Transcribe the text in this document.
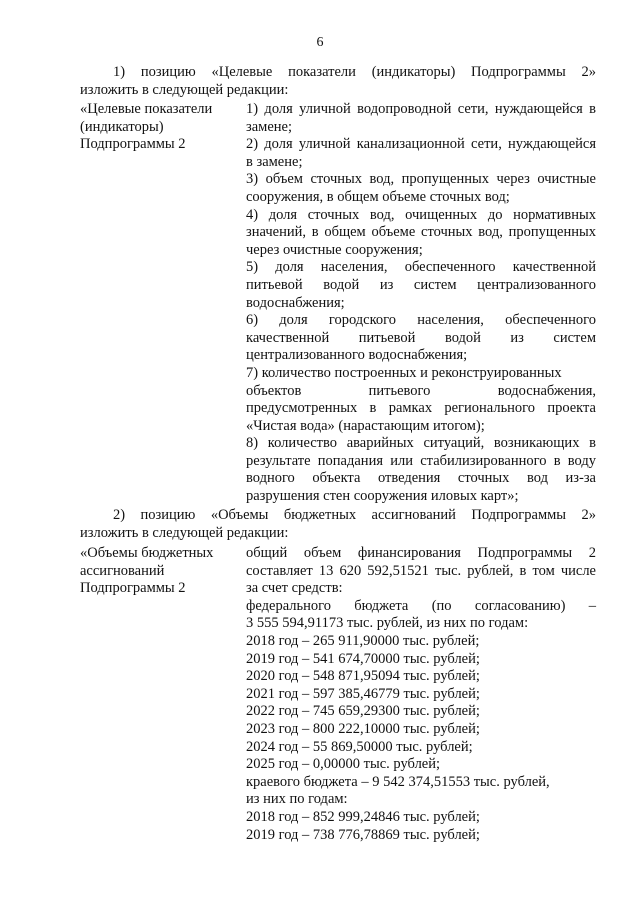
6
1) позицию «Целевые показатели (индикаторы) Подпрограммы 2»
изложить в следующей редакции:
«Целевые показатели
(индикаторы)
Подпрограммы 2
1) доля уличной водопроводной сети, нуждающейся в
замене;
2) доля уличной канализационной сети, нуждающейся
в замене;
3) объем сточных вод, пропущенных через очистные
сооружения, в общем объеме сточных вод;
4) доля сточных вод, очищенных до нормативных
значений, в общем объеме сточных вод, пропущенных
через очистные сооружения;
5) доля населения, обеспеченного качественной
питьевой водой из систем централизованного
водоснабжения;
6) доля городского населения, обеспеченного
качественной питьевой водой из систем
централизованного водоснабжения;
7) количество построенных и реконструированных
объектов питьевого водоснабжения,
предусмотренных в рамках регионального проекта
«Чистая вода» (нарастающим итогом);
8) количество аварийных ситуаций, возникающих в
результате попадания или стабилизированного в воду
водного объекта отведения сточных вод из-за
разрушения стен сооружения иловых карт»;
2) позицию «Объемы бюджетных ассигнований Подпрограммы 2»
изложить в следующей редакции:
«Объемы бюджетных
ассигнований
Подпрограммы 2
общий объем финансирования Подпрограммы 2
составляет 13 620 592,51521 тыс. рублей, в том числе
за счет средств:
федерального бюджета (по согласованию) –
3 555 594,91173 тыс. рублей, из них по годам:
2018 год – 265 911,90000 тыс. рублей;
2019 год – 541 674,70000 тыс. рублей;
2020 год – 548 871,95094 тыс. рублей;
2021 год – 597 385,46779 тыс. рублей;
2022 год – 745 659,29300 тыс. рублей;
2023 год – 800 222,10000 тыс. рублей;
2024 год – 55 869,50000 тыс. рублей;
2025 год – 0,00000 тыс. рублей;
краевого бюджета – 9 542 374,51553 тыс. рублей,
из них по годам:
2018 год – 852 999,24846 тыс. рублей;
2019 год – 738 776,78869 тыс. рублей;
